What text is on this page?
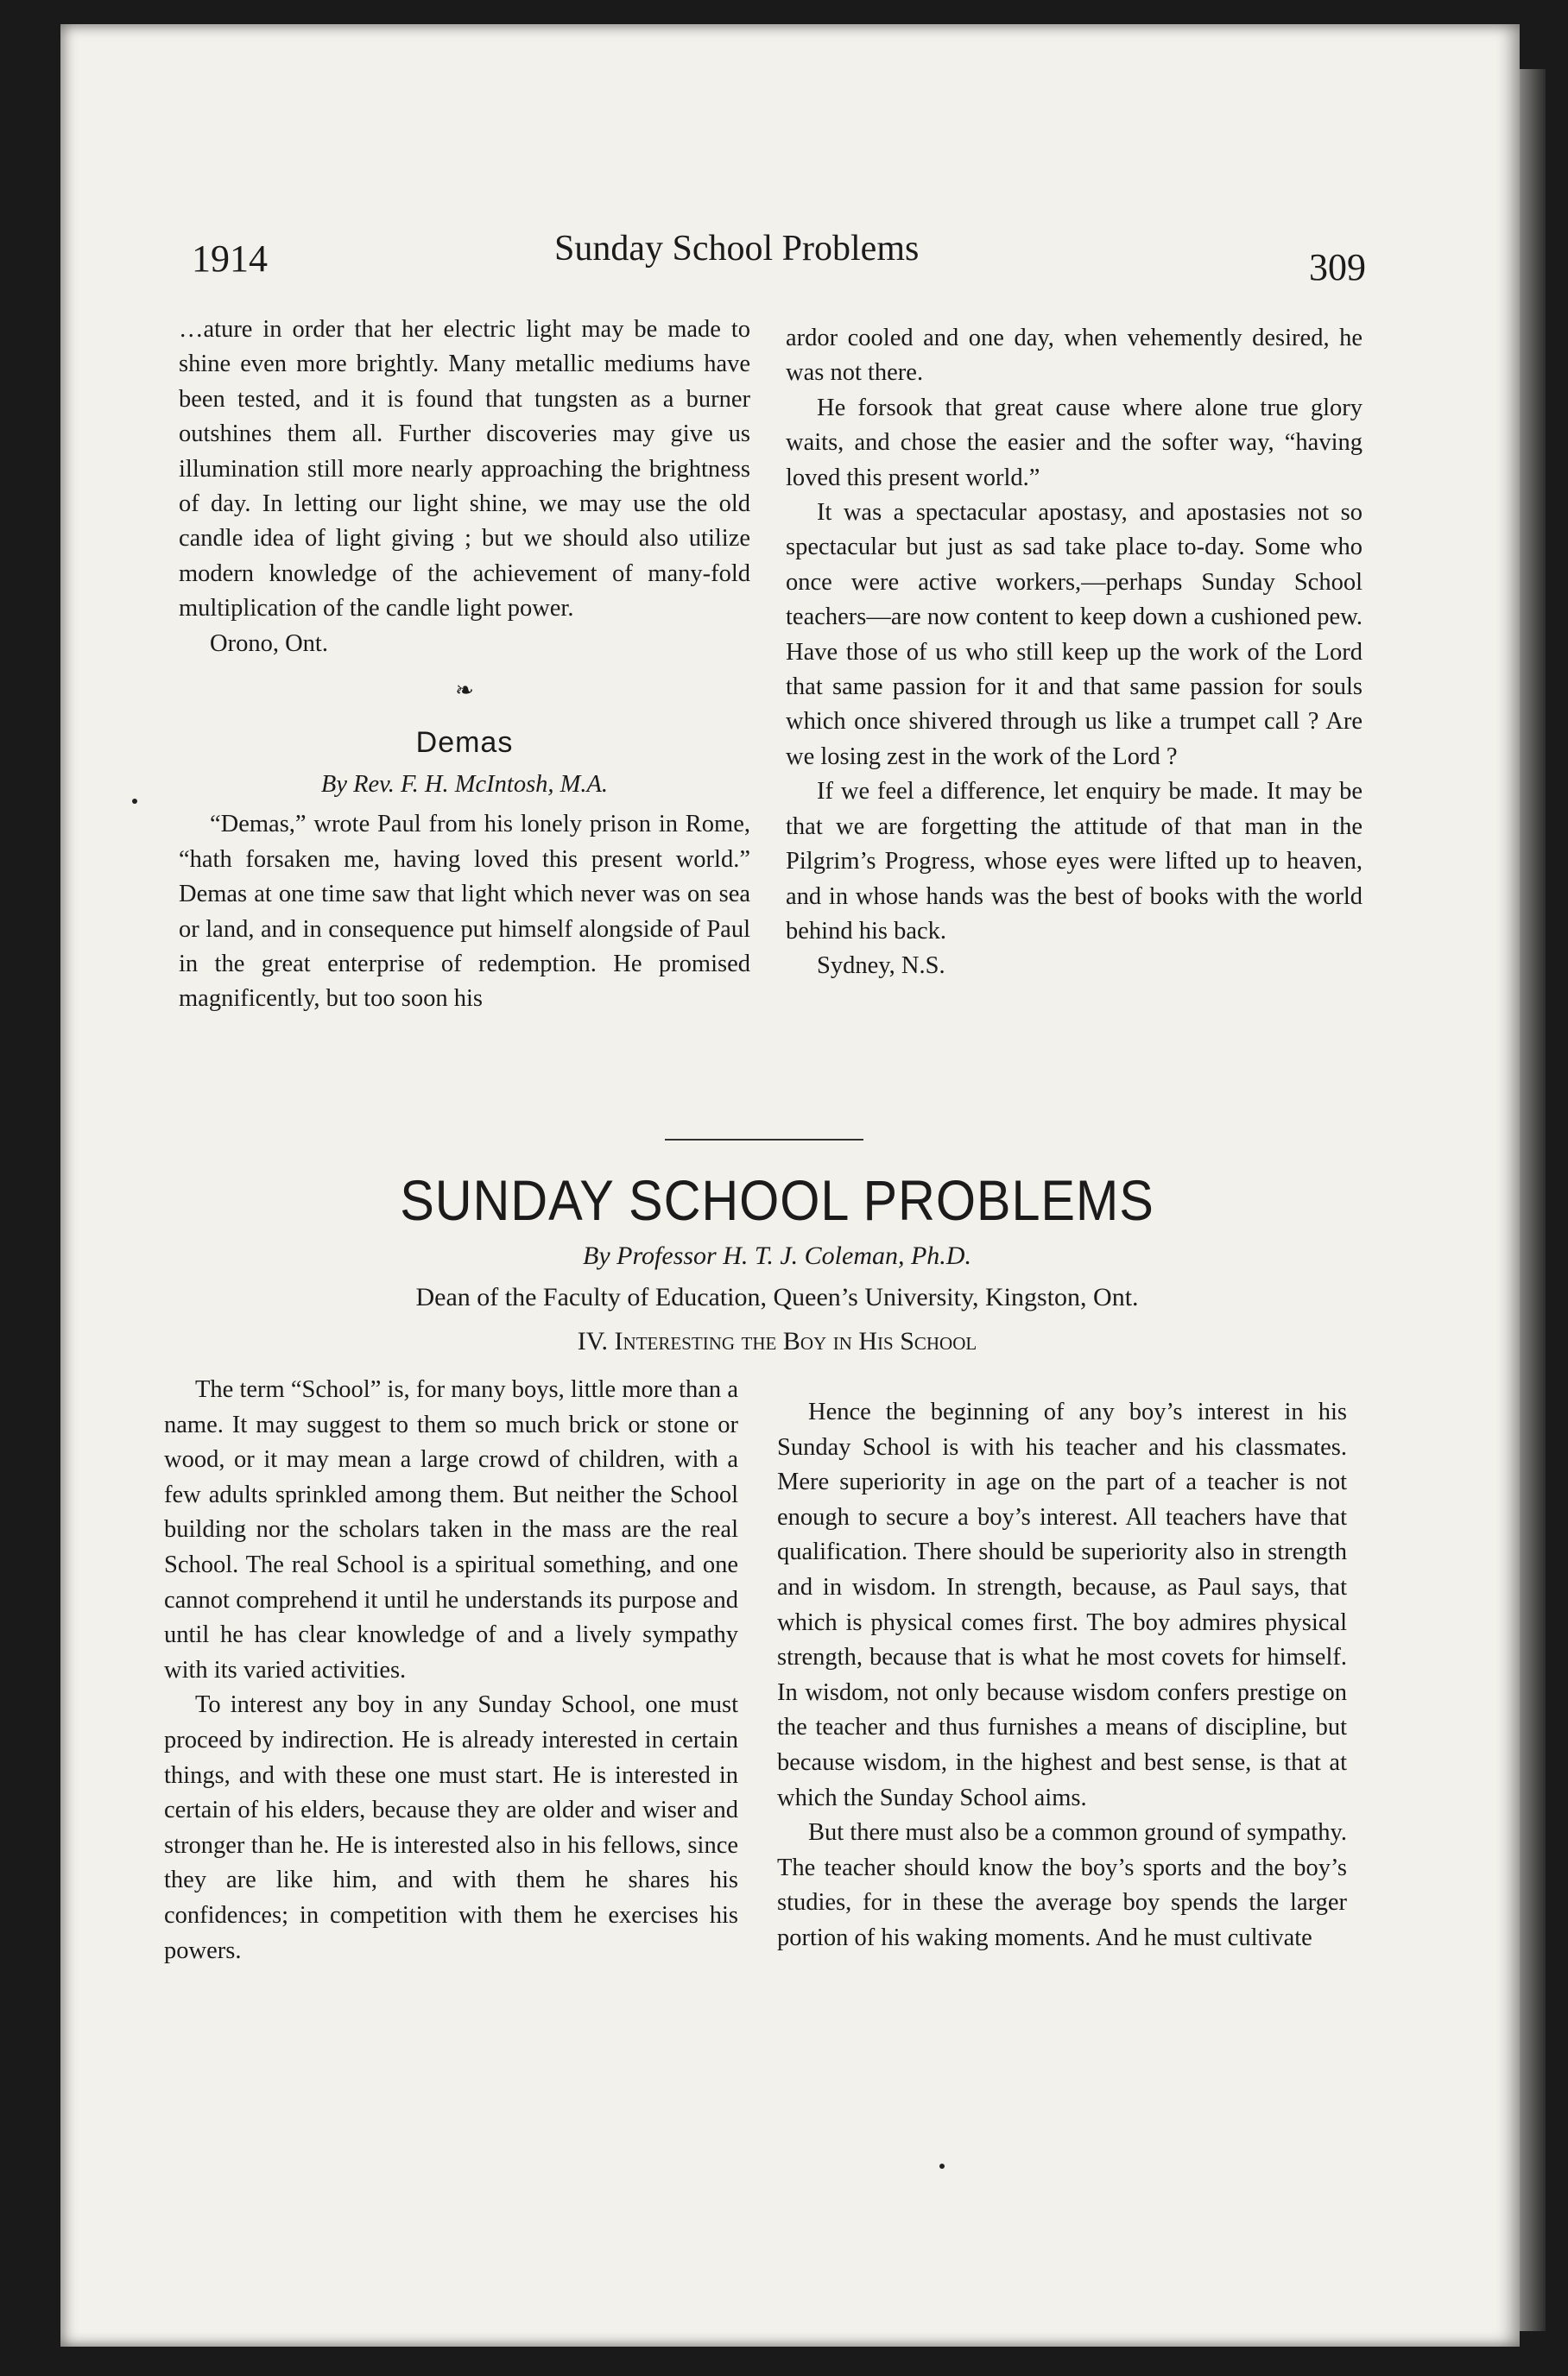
1914	Sunday School Problems	309

…ature in order that her electric light may be made to shine even more brightly. Many metallic mediums have been tested, and it is found that tungsten as a burner outshines them all. Further discoveries may give us illumination still more nearly approaching the brightness of day. In letting our light shine, we may use the old candle idea of light giving ; but we should also utilize modern knowledge of the achievement of many-fold multiplication of the candle light power.

Orono, Ont.

❧
Demas
By Rev. F. H. McIntosh, M.A.

“Demas,” wrote Paul from his lonely prison in Rome, “hath forsaken me, having loved this present world.” Demas at one time saw that light which never was on sea or land, and in consequence put himself alongside of Paul in the great enterprise of redemption. He promised magnificently, but too soon his

ardor cooled and one day, when vehemently desired, he was not there.

He forsook that great cause where alone true glory waits, and chose the easier and the softer way, “having loved this present world.”

It was a spectacular apostasy, and apostasies not so spectacular but just as sad take place to-day. Some who once were active workers,—perhaps Sunday School teachers—are now content to keep down a cushioned pew. Have those of us who still keep up the work of the Lord that same passion for it and that same passion for souls which once shivered through us like a trumpet call ? Are we losing zest in the work of the Lord ?

If we feel a difference, let enquiry be made. It may be that we are forgetting the attitude of that man in the Pilgrim’s Progress, whose eyes were lifted up to heaven, and in whose hands was the best of books with the world behind his back.

Sydney, N.S.

SUNDAY SCHOOL PROBLEMS
By Professor H. T. J. Coleman, Ph.D.
Dean of the Faculty of Education, Queen’s University, Kingston, Ont.
IV. Interesting the Boy in His School

The term “School” is, for many boys, little more than a name. It may suggest to them so much brick or stone or wood, or it may mean a large crowd of children, with a few adults sprinkled among them. But neither the School building nor the scholars taken in the mass are the real School. The real School is a spiritual something, and one cannot comprehend it until he understands its purpose and until he has clear knowledge of and a lively sympathy with its varied activities.

To interest any boy in any Sunday School, one must proceed by indirection. He is already interested in certain things, and with these one must start. He is interested in certain of his elders, because they are older and wiser and stronger than he. He is interested also in his fellows, since they are like him, and with them he shares his confidences; in competition with them he exercises his powers.

Hence the beginning of any boy’s interest in his Sunday School is with his teacher and his classmates. Mere superiority in age on the part of a teacher is not enough to secure a boy’s interest. All teachers have that qualification. There should be superiority also in strength and in wisdom. In strength, because, as Paul says, that which is physical comes first. The boy admires physical strength, because that is what he most covets for himself. In wisdom, not only because wisdom confers prestige on the teacher and thus furnishes a means of discipline, but because wisdom, in the highest and best sense, is that at which the Sunday School aims.

But there must also be a common ground of sympathy. The teacher should know the boy’s sports and the boy’s studies, for in these the average boy spends the larger portion of his waking moments. And he must cultivate
